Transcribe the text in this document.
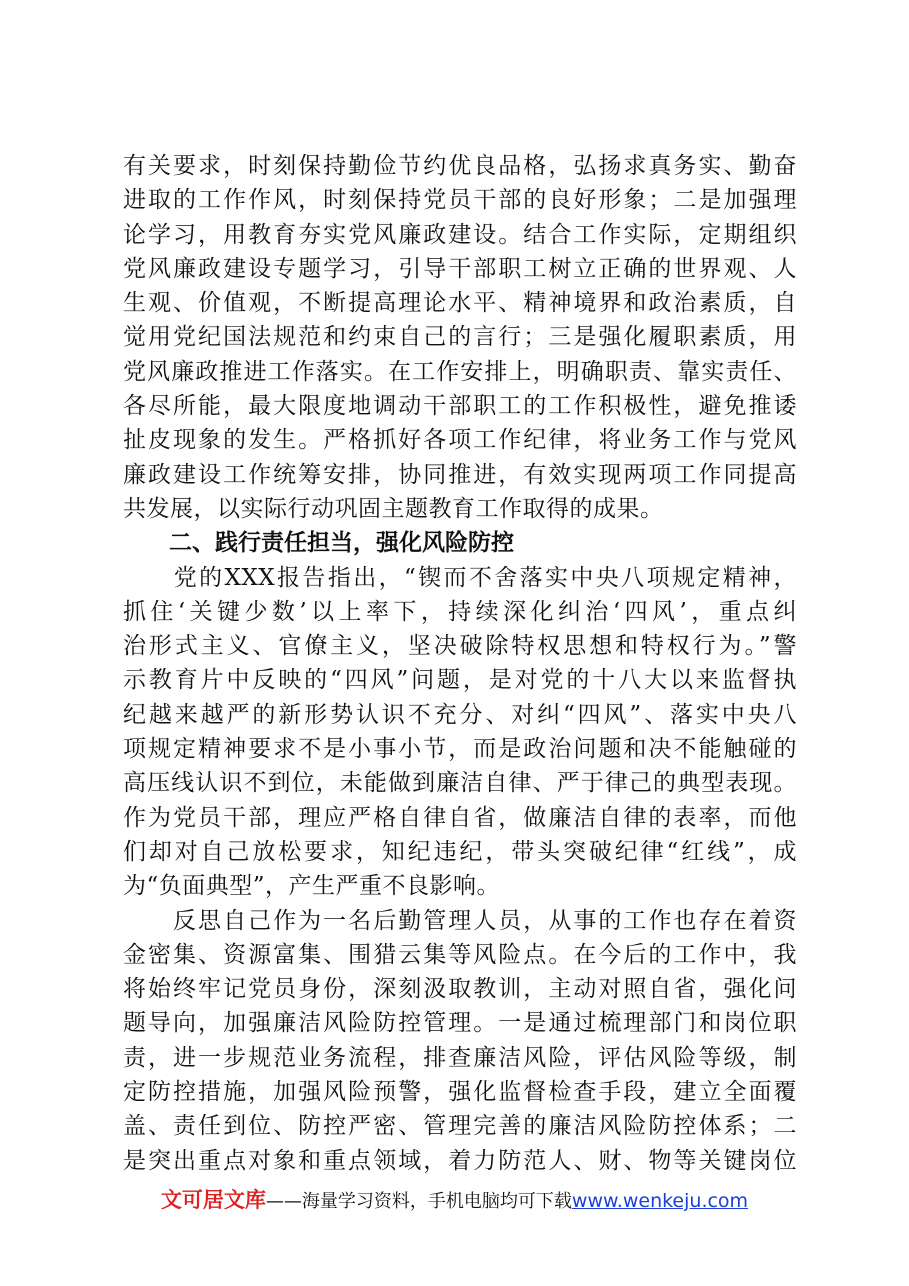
有关要求，时刻保持勤俭节约优良品格，弘扬求真务实、勤奋
进取的工作作风，时刻保持党员干部的良好形象；二是加强理
论学习，用教育夯实党风廉政建设。结合工作实际，定期组织
党风廉政建设专题学习，引导干部职工树立正确的世界观、人
生观、价值观，不断提高理论水平、精神境界和政治素质，自
觉用党纪国法规范和约束自己的言行；三是强化履职素质，用
党风廉政推进工作落实。在工作安排上，明确职责、靠实责任、
各尽所能，最大限度地调动干部职工的工作积极性，避免推诿
扯皮现象的发生。严格抓好各项工作纪律，将业务工作与党风
廉政建设工作统筹安排，协同推进，有效实现两项工作同提高
共发展，以实际行动巩固主题教育工作取得的成果。
　　二、践行责任担当，强化风险防控
　　党的XXX报告指出，“锲而不舍落实中央八项规定精神，
抓住‘关键少数’以上率下，持续深化纠治‘四风’，重点纠
治形式主义、官僚主义，坚决破除特权思想和特权行为。”警
示教育片中反映的“四风”问题，是对党的十八大以来监督执
纪越来越严的新形势认识不充分、对纠“四风”、落实中央八
项规定精神要求不是小事小节，而是政治问题和决不能触碰的
高压线认识不到位，未能做到廉洁自律、严于律己的典型表现。
作为党员干部，理应严格自律自省，做廉洁自律的表率，而他
们却对自己放松要求，知纪违纪，带头突破纪律“红线”，成
为“负面典型”，产生严重不良影响。
　　反思自己作为一名后勤管理人员，从事的工作也存在着资
金密集、资源富集、围猎云集等风险点。在今后的工作中，我
将始终牢记党员身份，深刻汲取教训，主动对照自省，强化问
题导向，加强廉洁风险防控管理。一是通过梳理部门和岗位职
责，进一步规范业务流程，排查廉洁风险，评估风险等级，制
定防控措施，加强风险预警，强化监督检查手段，建立全面覆
盖、责任到位、防控严密、管理完善的廉洁风险防控体系；二
是突出重点对象和重点领域，着力防范人、财、物等关键岗位
文可居文库——海量学习资料，手机电脑均可下载www.wenkeju.com
